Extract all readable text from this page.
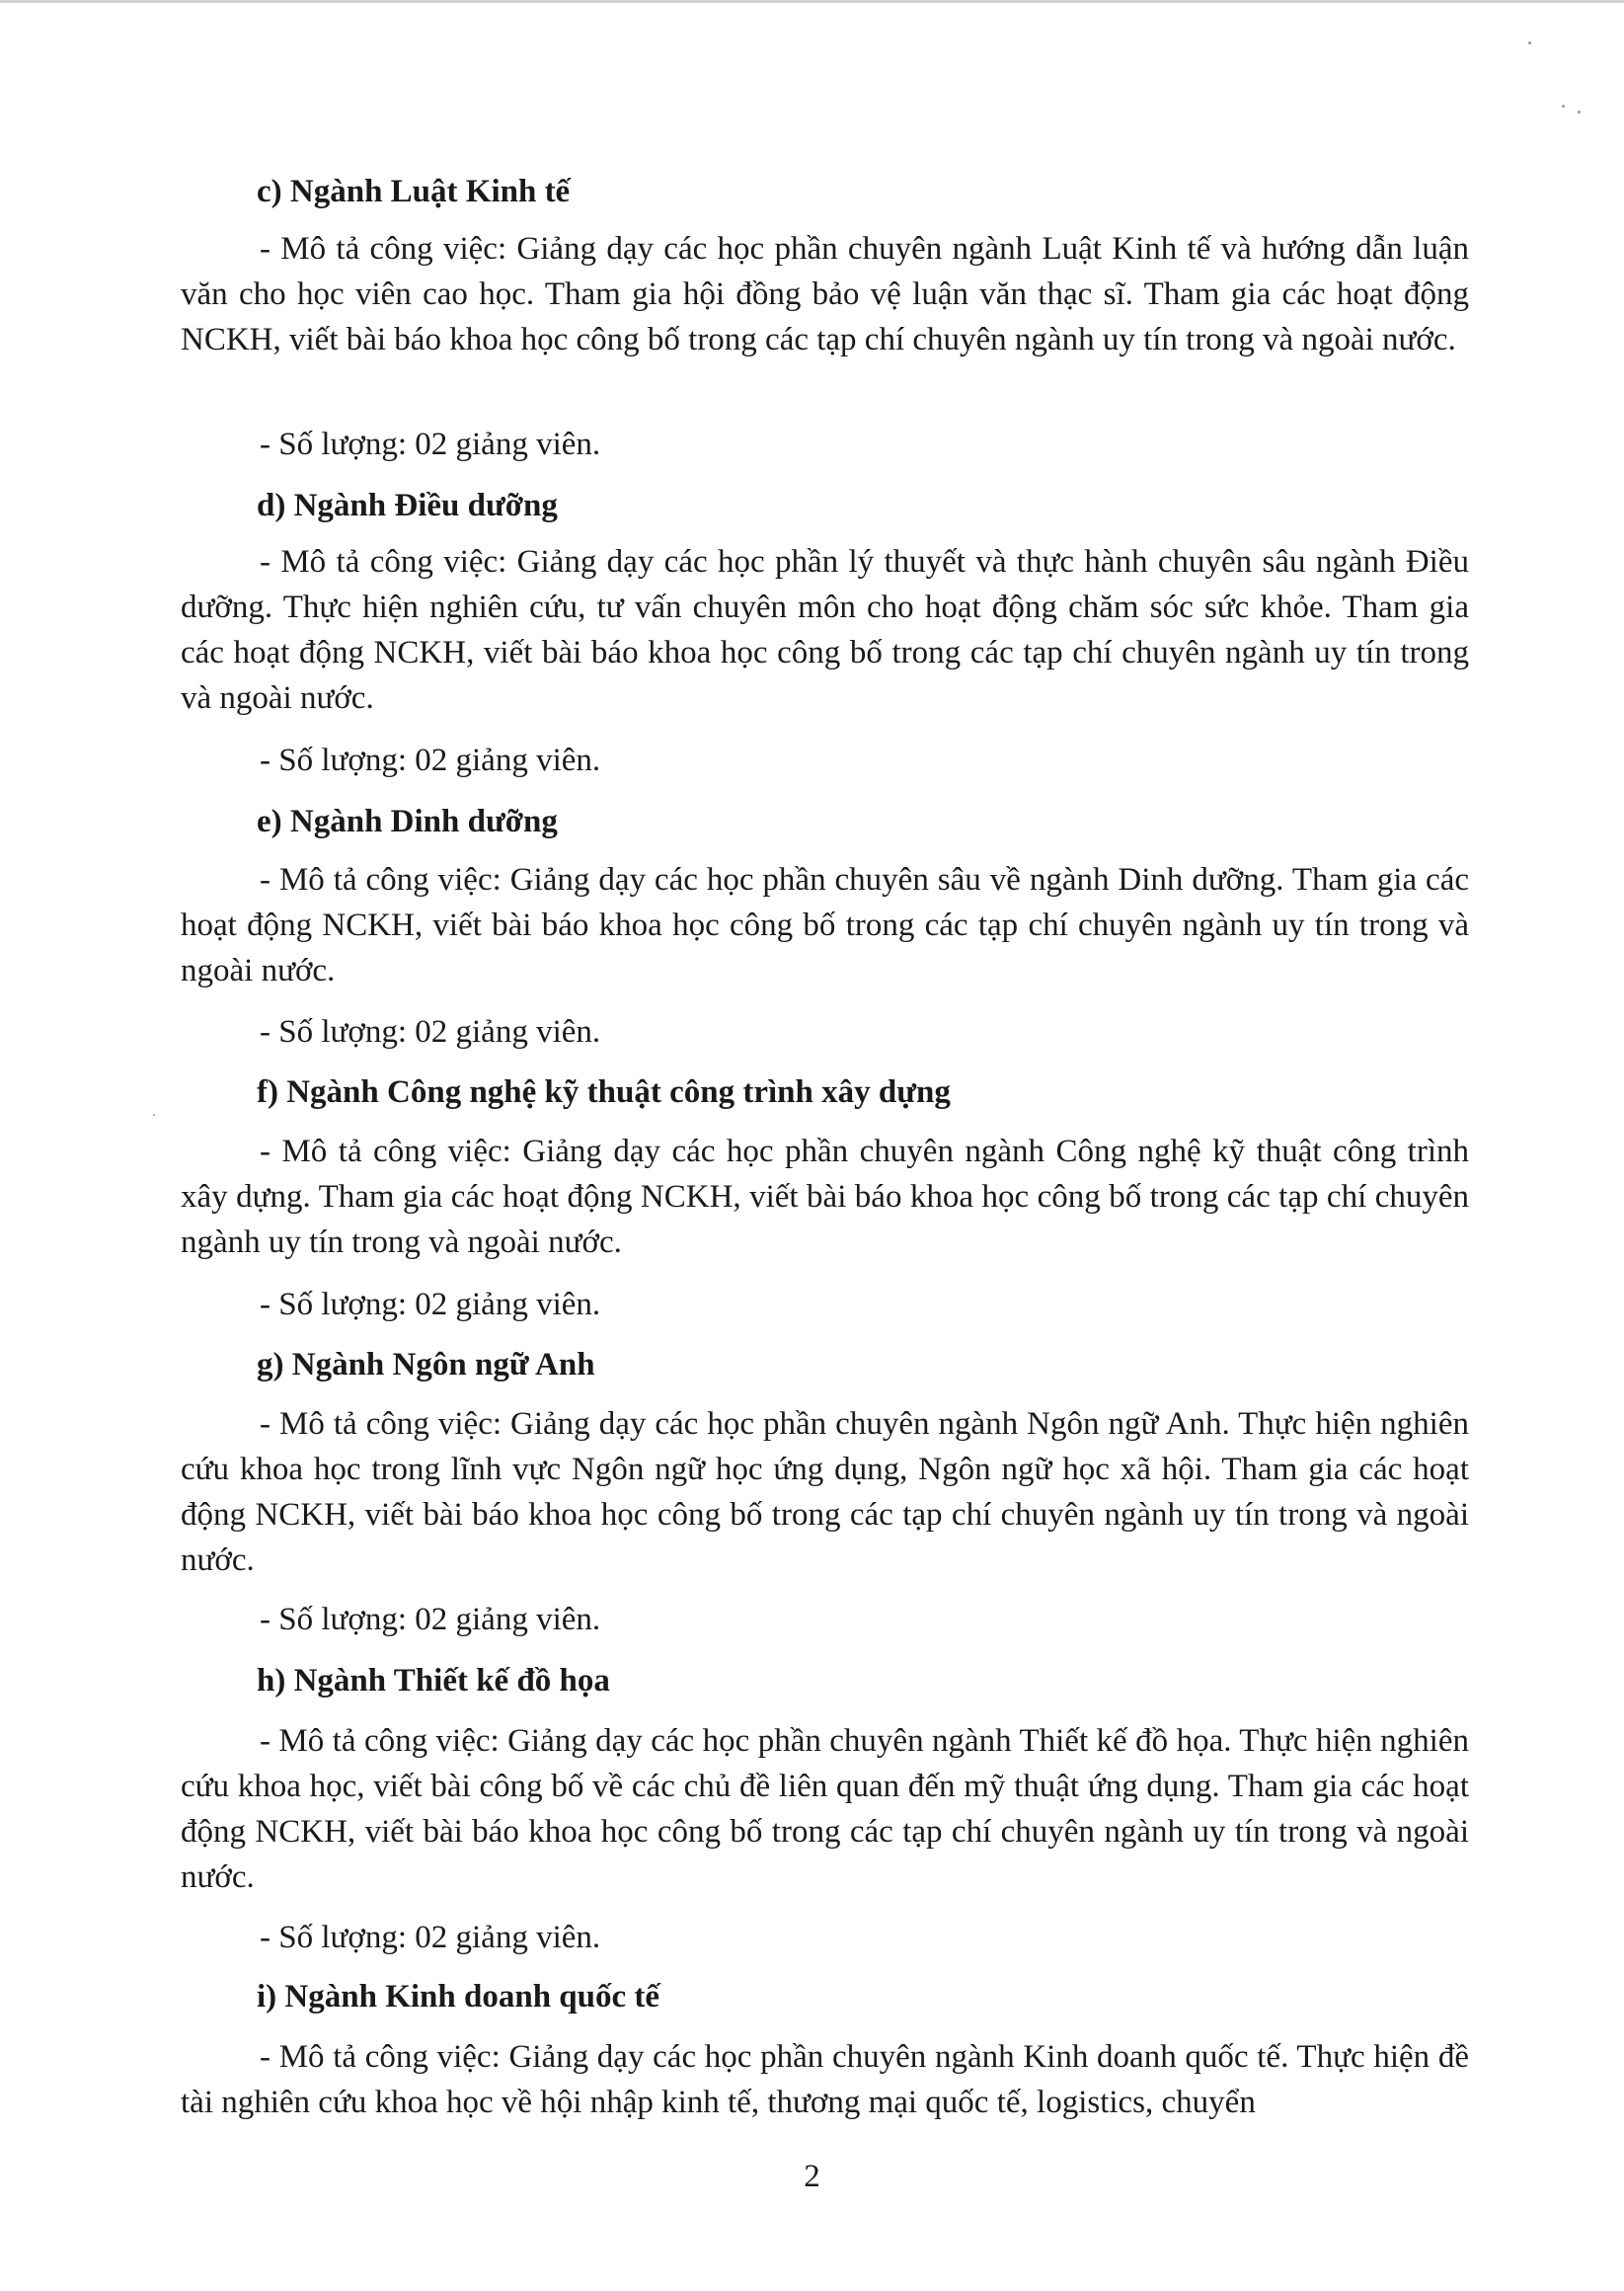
c) Ngành Luật Kinh tế
- Mô tả công việc: Giảng dạy các học phần chuyên ngành Luật Kinh tế và hướng dẫn luận văn cho học viên cao học. Tham gia hội đồng bảo vệ luận văn thạc sĩ. Tham gia các hoạt động NCKH, viết bài báo khoa học công bố trong các tạp chí chuyên ngành uy tín trong và ngoài nước.
- Số lượng: 02 giảng viên.
d) Ngành Điều dưỡng
- Mô tả công việc: Giảng dạy các học phần lý thuyết và thực hành chuyên sâu ngành Điều dưỡng. Thực hiện nghiên cứu, tư vấn chuyên môn cho hoạt động chăm sóc sức khỏe. Tham gia các hoạt động NCKH, viết bài báo khoa học công bố trong các tạp chí chuyên ngành uy tín trong và ngoài nước.
- Số lượng: 02 giảng viên.
e) Ngành Dinh dưỡng
- Mô tả công việc: Giảng dạy các học phần chuyên sâu về ngành Dinh dưỡng. Tham gia các hoạt động NCKH, viết bài báo khoa học công bố trong các tạp chí chuyên ngành uy tín trong và ngoài nước.
- Số lượng: 02 giảng viên.
f) Ngành Công nghệ kỹ thuật công trình xây dựng
- Mô tả công việc: Giảng dạy các học phần chuyên ngành Công nghệ kỹ thuật công trình xây dựng. Tham gia các hoạt động NCKH, viết bài báo khoa học công bố trong các tạp chí chuyên ngành uy tín trong và ngoài nước.
- Số lượng: 02 giảng viên.
g) Ngành Ngôn ngữ Anh
- Mô tả công việc: Giảng dạy các học phần chuyên ngành Ngôn ngữ Anh. Thực hiện nghiên cứu khoa học trong lĩnh vực Ngôn ngữ học ứng dụng, Ngôn ngữ học xã hội. Tham gia các hoạt động NCKH, viết bài báo khoa học công bố trong các tạp chí chuyên ngành uy tín trong và ngoài nước.
- Số lượng: 02 giảng viên.
h) Ngành Thiết kế đồ họa
- Mô tả công việc: Giảng dạy các học phần chuyên ngành Thiết kế đồ họa. Thực hiện nghiên cứu khoa học, viết bài công bố về các chủ đề liên quan đến mỹ thuật ứng dụng. Tham gia các hoạt động NCKH, viết bài báo khoa học công bố trong các tạp chí chuyên ngành uy tín trong và ngoài nước.
- Số lượng: 02 giảng viên.
i) Ngành Kinh doanh quốc tế
- Mô tả công việc: Giảng dạy các học phần chuyên ngành Kinh doanh quốc tế. Thực hiện đề tài nghiên cứu khoa học về hội nhập kinh tế, thương mại quốc tế, logistics, chuyển
2
